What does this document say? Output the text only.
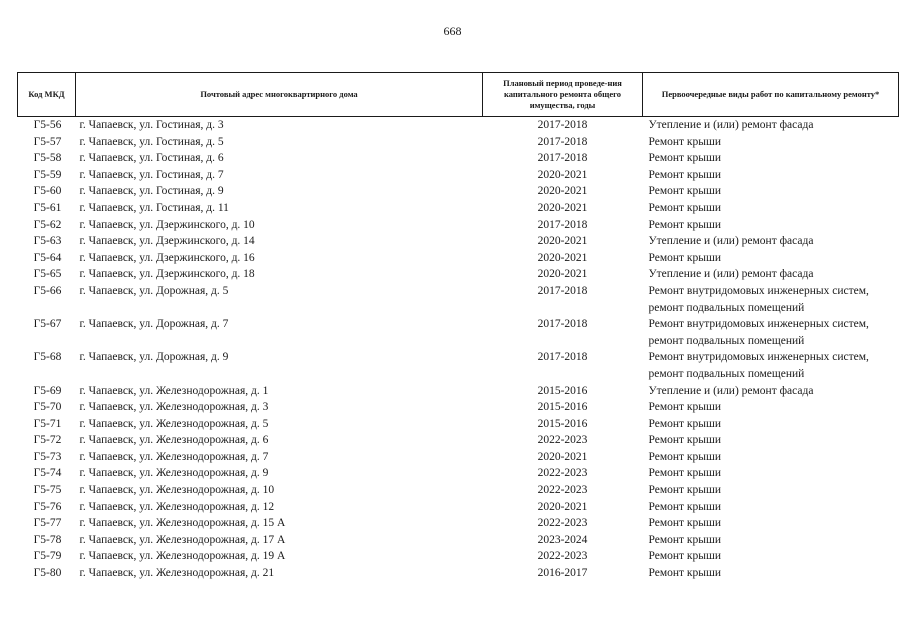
668
Код МКД	Почтовый адрес многоквартирного дома	Плановый период проведе-ния капитального ремонта общего имущества, годы	Первоочередные виды работ по капитальному ремонту*
Г5-56	г. Чапаевск, ул. Гостиная, д. 3	2017-2018	Утепление и (или) ремонт фасада
Г5-57	г. Чапаевск, ул. Гостиная, д. 5	2017-2018	Ремонт крыши
Г5-58	г. Чапаевск, ул. Гостиная, д. 6	2017-2018	Ремонт крыши
Г5-59	г. Чапаевск, ул. Гостиная, д. 7	2020-2021	Ремонт крыши
Г5-60	г. Чапаевск, ул. Гостиная, д. 9	2020-2021	Ремонт крыши
Г5-61	г. Чапаевск, ул. Гостиная, д. 11	2020-2021	Ремонт крыши
Г5-62	г. Чапаевск, ул. Дзержинского, д. 10	2017-2018	Ремонт крыши
Г5-63	г. Чапаевск, ул. Дзержинского, д. 14	2020-2021	Утепление и (или) ремонт фасада
Г5-64	г. Чапаевск, ул. Дзержинского, д. 16	2020-2021	Ремонт крыши
Г5-65	г. Чапаевск, ул. Дзержинского, д. 18	2020-2021	Утепление и (или) ремонт фасада
Г5-66	г. Чапаевск, ул. Дорожная, д. 5	2017-2018	Ремонт внутридомовых инженерных систем, ремонт подвальных помещений
Г5-67	г. Чапаевск, ул. Дорожная, д. 7	2017-2018	Ремонт внутридомовых инженерных систем, ремонт подвальных помещений
Г5-68	г. Чапаевск, ул. Дорожная, д. 9	2017-2018	Ремонт внутридомовых инженерных систем, ремонт подвальных помещений
Г5-69	г. Чапаевск, ул. Железнодорожная, д. 1	2015-2016	Утепление и (или) ремонт фасада
Г5-70	г. Чапаевск, ул. Железнодорожная, д. 3	2015-2016	Ремонт крыши
Г5-71	г. Чапаевск, ул. Железнодорожная, д. 5	2015-2016	Ремонт крыши
Г5-72	г. Чапаевск, ул. Железнодорожная, д. 6	2022-2023	Ремонт крыши
Г5-73	г. Чапаевск, ул. Железнодорожная, д. 7	2020-2021	Ремонт крыши
Г5-74	г. Чапаевск, ул. Железнодорожная, д. 9	2022-2023	Ремонт крыши
Г5-75	г. Чапаевск, ул. Железнодорожная, д. 10	2022-2023	Ремонт крыши
Г5-76	г. Чапаевск, ул. Железнодорожная, д. 12	2020-2021	Ремонт крыши
Г5-77	г. Чапаевск, ул. Железнодорожная, д. 15 А	2022-2023	Ремонт крыши
Г5-78	г. Чапаевск, ул. Железнодорожная, д. 17 А	2023-2024	Ремонт крыши
Г5-79	г. Чапаевск, ул. Железнодорожная, д. 19 А	2022-2023	Ремонт крыши
Г5-80	г. Чапаевск, ул. Железнодорожная, д. 21	2016-2017	Ремонт крыши
